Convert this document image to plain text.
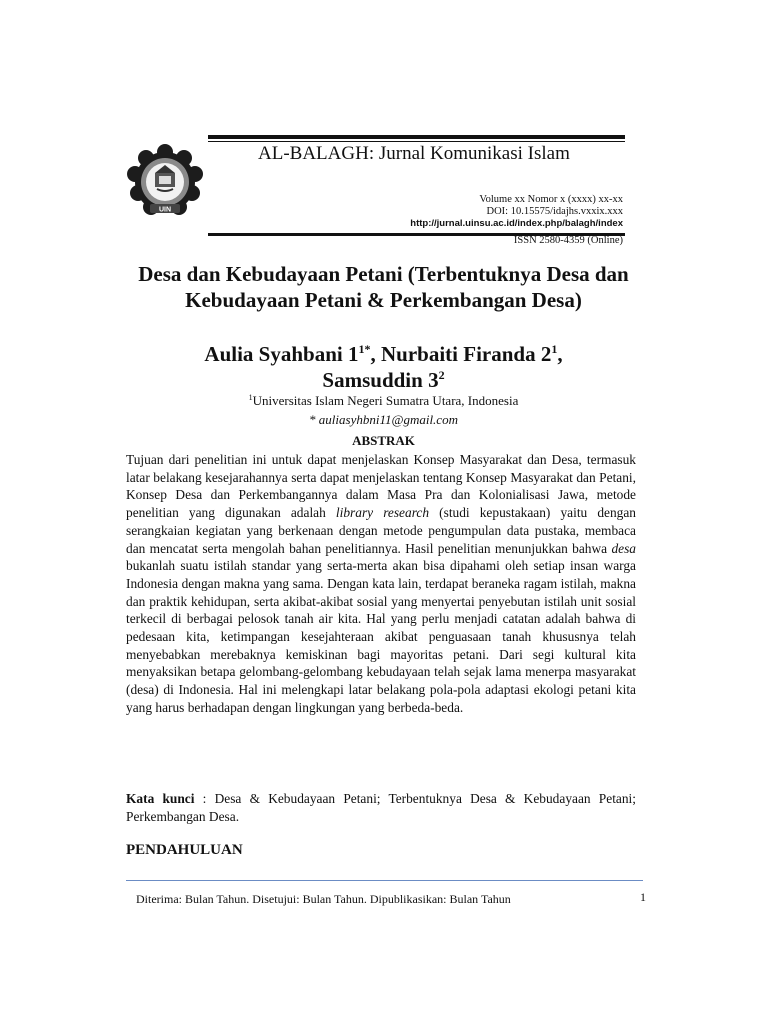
UIN
AL-BALAGH: Jurnal Komunikasi Islam
Volume xx Nomor x (xxxx) xx-xx
DOI: 10.15575/idajhs.vxxix.xxx
http://jurnal.uinsu.ac.id/index.php/balagh/index
ISSN 2580-4359 (Online)
Desa dan Kebudayaan Petani (Terbentuknya Desa dan Kebudayaan Petani & Perkembangan Desa)
Aulia Syahbani $1^{1*}$, Nurbaiti Firanda $2^1$,
Samsuddin $3^2$
$^1$Universitas Islam Negeri Sumatra Utara, Indonesia
* auliasyhbni11@gmail.com
ABSTRAK
Tujuan dari penelitian ini untuk dapat menjelaskan Konsep Masyarakat dan Desa, termasuk latar belakang kesejarahannya serta dapat menjelaskan tentang Konsep Masyarakat dan Petani, Konsep Desa dan Perkembangannya dalam Masa Pra dan Kolonialisasi Jawa, metode penelitian yang digunakan adalah library research (studi kepustakaan) yaitu dengan serangkaian kegiatan yang berkenaan dengan metode pengumpulan data pustaka, membaca dan mencatat serta mengolah bahan penelitiannya. Hasil penelitian menunjukkan bahwa desa bukanlah suatu istilah standar yang serta-merta akan bisa dipahami oleh setiap insan warga Indonesia dengan makna yang sama. Dengan kata lain, terdapat beraneka ragam istilah, makna dan praktik kehidupan, serta akibat-akibat sosial yang menyertai penyebutan istilah unit sosial terkecil di berbagai pelosok tanah air kita. Hal yang perlu menjadi catatan adalah bahwa di pedesaan kita, ketimpangan kesejahteraan akibat penguasaan tanah khususnya telah menyebabkan merebaknya kemiskinan bagi mayoritas petani. Dari segi kultural kita menyaksikan betapa gelombang-gelombang kebudayaan telah sejak lama menerpa masyarakat (desa) di Indonesia. Hal ini melengkapi latar belakang pola-pola adaptasi ekologi petani kita yang harus berhadapan dengan lingkungan yang berbeda-beda.
Kata kunci : Desa & Kebudayaan Petani; Terbentuknya Desa & Kebudayaan Petani; Perkembangan Desa.
PENDAHULUAN
Diterima: Bulan Tahun. Disetujui: Bulan Tahun. Dipublikasikan: Bulan Tahun	1
